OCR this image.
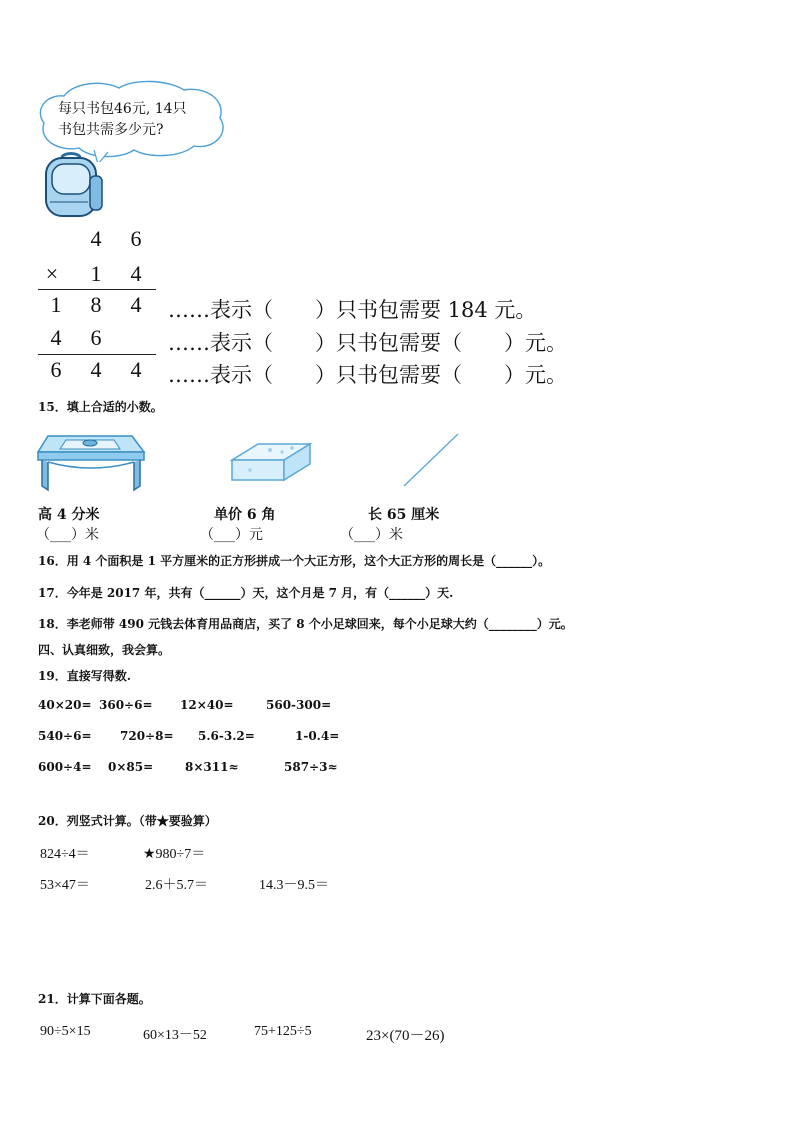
每只书包46元, 14只
书包共需多少元?
4 6
× 1 4
1 8 4	……表示（　　）只书包需要 184 元。
4 6	……表示（　　）只书包需要（　　）元。
6 4 4	……表示（　　）只书包需要（　　）元。
15．填上合适的小数。
高 4 分米
（___）米
单价 6 角
（___）元
长 65 厘米
（___）米
16．用 4 个面积是 1 平方厘米的正方形拼成一个大正方形，这个大正方形的周长是（______）。
17．今年是 2017 年，共有（______）天，这个月是 7 月，有（______）天.
18．李老师带 490 元钱去体育用品商店，买了 8 个小足球回来，每个小足球大约（________）元。
四、认真细致，我会算。
19．直接写得数.
40×20= 360÷6= 12×40=	560-300=
540÷6= 720÷8= 5.6-3.2=	1-0.4=
600÷4= 0×85=	8×311≈	587÷3≈
20．列竖式计算。（带★要验算）
824÷4＝	★980÷7＝
53×47＝	2.6＋5.7＝	14.3－9.5＝
21．计算下面各题。
90÷5×15	60×13－52	75+125÷5	23×(70－26)
